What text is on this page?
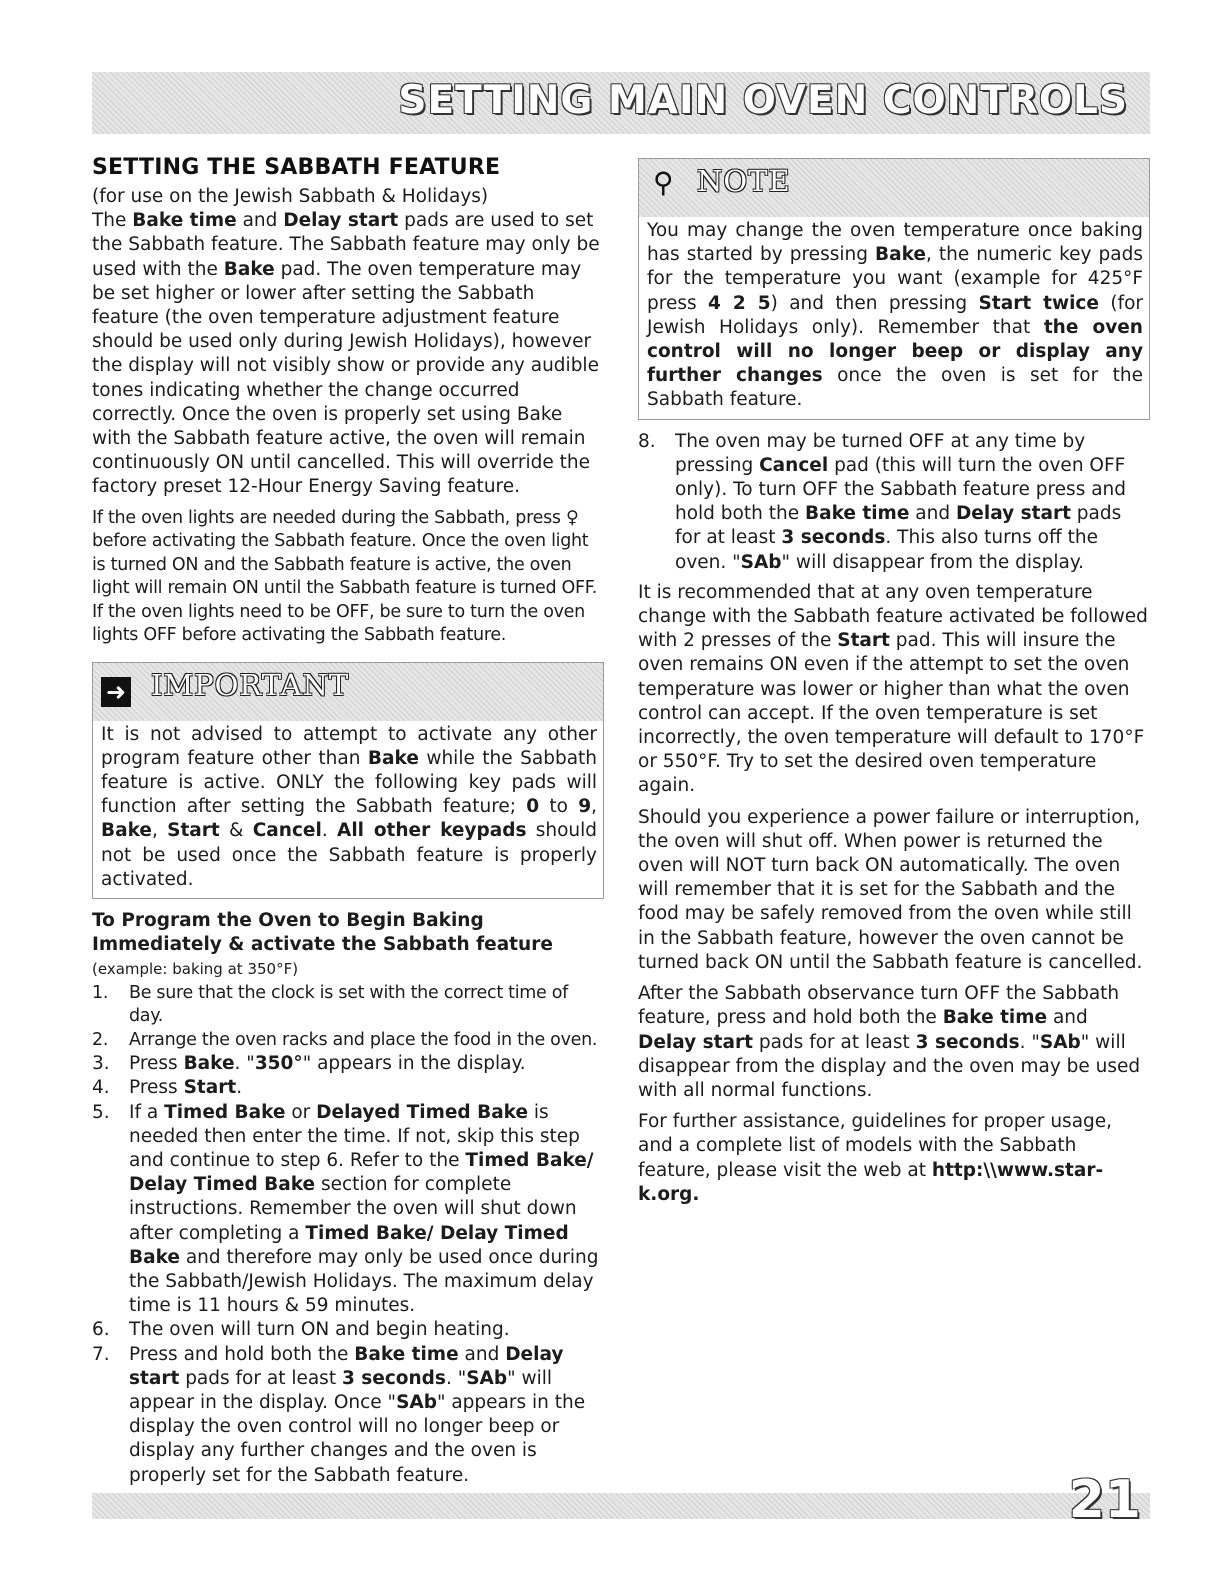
SETTING MAIN OVEN CONTROLS
SETTING THE SABBATH FEATURE
(for use on the Jewish Sabbath & Holidays)

The Bake time and Delay start pads are used to set the Sabbath feature. The Sabbath feature may only be used with the Bake pad. The oven temperature may be set higher or lower after setting the Sabbath feature (the oven temperature adjustment feature should be used only during Jewish Holidays), however the display will not visibly show or provide any audible tones indicating whether the change occurred correctly. Once the oven is properly set using Bake with the Sabbath feature active, the oven will remain continuously ON until cancelled. This will override the factory preset 12-Hour Energy Saving feature.

If the oven lights are needed during the Sabbath, press ♀ before activating the Sabbath feature. Once the oven light is turned ON and the Sabbath feature is active, the oven light will remain ON until the Sabbath feature is turned OFF. If the oven lights need to be OFF, be sure to turn the oven lights OFF before activating the Sabbath feature.

➜ IMPORTANT
It is not advised to attempt to activate any other program feature other than Bake while the Sabbath feature is active. ONLY the following key pads will function after setting the Sabbath feature; 0 to 9, Bake, Start & Cancel. All other keypads should not be used once the Sabbath feature is properly activated.
To Program the Oven to Begin Baking Immediately & activate the Sabbath feature (example: baking at 350°F)
1. Be sure that the clock is set with the correct time of day.
2. Arrange the oven racks and place the food in the oven.
3. Press Bake. "350°" appears in the display.
4. Press Start.
5. If a Timed Bake or Delayed Timed Bake is needed then enter the time. If not, skip this step and continue to step 6. Refer to the Timed Bake/ Delay Timed Bake section for complete instructions. Remember the oven will shut down after completing a Timed Bake/ Delay Timed Bake and therefore may only be used once during the Sabbath/Jewish Holidays. The maximum delay time is 11 hours & 59 minutes.
6. The oven will turn ON and begin heating.
7. Press and hold both the Bake time and Delay start pads for at least 3 seconds. "SAb" will appear in the display. Once "SAb" appears in the display the oven control will no longer beep or display any further changes and the oven is properly set for the Sabbath feature.
⚲ NOTE
You may change the oven temperature once baking has started by pressing Bake, the numeric key pads for the temperature you want (example for 425°F press 4 2 5) and then pressing Start twice (for Jewish Holidays only). Remember that the oven control will no longer beep or display any further changes once the oven is set for the Sabbath feature.
8. The oven may be turned OFF at any time by pressing Cancel pad (this will turn the oven OFF only). To turn OFF the Sabbath feature press and hold both the Bake time and Delay start pads for at least 3 seconds. This also turns off the oven. "SAb" will disappear from the display.

It is recommended that at any oven temperature change with the Sabbath feature activated be followed with 2 presses of the Start pad. This will insure the oven remains ON even if the attempt to set the oven temperature was lower or higher than what the oven control can accept. If the oven temperature is set incorrectly, the oven temperature will default to 170°F or 550°F. Try to set the desired oven temperature again.

Should you experience a power failure or interruption, the oven will shut off. When power is returned the oven will NOT turn back ON automatically. The oven will remember that it is set for the Sabbath and the food may be safely removed from the oven while still in the Sabbath feature, however the oven cannot be turned back ON until the Sabbath feature is cancelled.

After the Sabbath observance turn OFF the Sabbath feature, press and hold both the Bake time and Delay start pads for at least 3 seconds. "SAb" will disappear from the display and the oven may be used with all normal functions.

For further assistance, guidelines for proper usage, and a complete list of models with the Sabbath feature, please visit the web at http:\\www.star-k.org.

21
